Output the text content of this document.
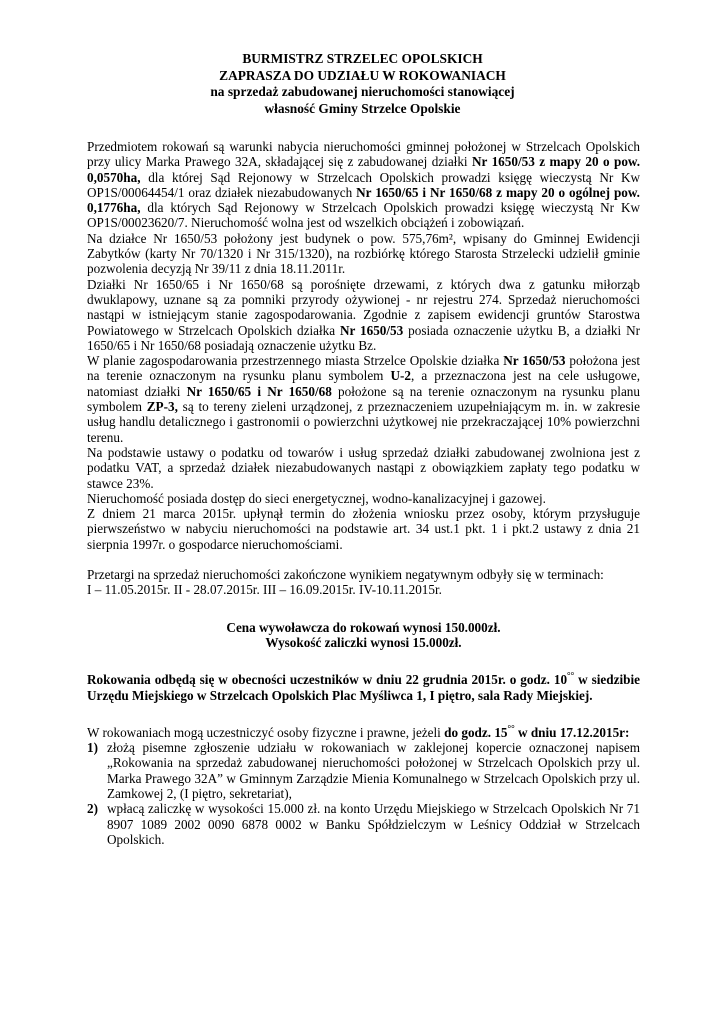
BURMISTRZ STRZELEC OPOLSKICH
ZAPRASZA DO UDZIAŁU W ROKOWANIACH
na sprzedaż zabudowanej nieruchomości stanowiącej
własność Gminy Strzelce Opolskie

Przedmiotem rokowań są warunki nabycia nieruchomości gminnej położonej w Strzelcach Opolskich przy ulicy Marka Prawego 32A, składającej się z zabudowanej działki Nr 1650/53 z mapy 20 o pow. 0,0570ha, dla której Sąd Rejonowy w Strzelcach Opolskich prowadzi księgę wieczystą Nr Kw OP1S/00064454/1 oraz działek niezabudowanych Nr 1650/65 i Nr 1650/68 z mapy 20 o ogólnej pow. 0,1776ha, dla których Sąd Rejonowy w Strzelcach Opolskich prowadzi księgę wieczystą Nr Kw OP1S/00023620/7. Nieruchomość wolna jest od wszelkich obciążeń i zobowiązań.

Na działce Nr 1650/53 położony jest budynek o pow. 575,76m², wpisany do Gminnej Ewidencji Zabytków (karty Nr 70/1320 i Nr 315/1320), na rozbiórkę którego Starosta Strzelecki udzielił gminie pozwolenia decyzją Nr 39/11 z dnia 18.11.2011r.

Działki Nr 1650/65 i Nr 1650/68 są porośnięte drzewami, z których dwa z gatunku miłorząb dwuklapowy, uznane są za pomniki przyrody ożywionej - nr rejestru 274. Sprzedaż nieruchomości nastąpi w istniejącym stanie zagospodarowania. Zgodnie z zapisem ewidencji gruntów Starostwa Powiatowego w Strzelcach Opolskich działka Nr 1650/53 posiada oznaczenie użytku B, a działki Nr 1650/65 i Nr 1650/68 posiadają oznaczenie użytku Bz.

W planie zagospodarowania przestrzennego miasta Strzelce Opolskie działka Nr 1650/53 położona jest na terenie oznaczonym na rysunku planu symbolem U-2, a przeznaczona jest na cele usługowe, natomiast działki Nr 1650/65 i Nr 1650/68 położone są na terenie oznaczonym na rysunku planu symbolem ZP-3, są to tereny zieleni urządzonej, z przeznaczeniem uzupełniającym m. in. w zakresie usług handlu detalicznego i gastronomii o powierzchni użytkowej nie przekraczającej 10% powierzchni terenu.

Na podstawie ustawy o podatku od towarów i usług sprzedaż działki zabudowanej zwolniona jest z podatku VAT, a sprzedaż działek niezabudowanych nastąpi z obowiązkiem zapłaty tego podatku w stawce 23%.

Nieruchomość posiada dostęp do sieci energetycznej, wodno-kanalizacyjnej i gazowej.

Z dniem 21 marca 2015r. upłynął termin do złożenia wniosku przez osoby, którym przysługuje pierwszeństwo w nabyciu nieruchomości na podstawie art. 34 ust.1 pkt. 1 i pkt.2 ustawy z dnia 21 sierpnia 1997r. o gospodarce nieruchomościami.

Przetargi na sprzedaż nieruchomości zakończone wynikiem negatywnym odbyły się w terminach:

I – 11.05.2015r. II - 28.07.2015r. III – 16.09.2015r. IV-10.11.2015r.

Cena wywoławcza do rokowań wynosi 150.000zł.

Wysokość zaliczki wynosi 15.000zł.

Rokowania odbędą się w obecności uczestników w dniu 22 grudnia 2015r. o godz. 10°° w siedzibie Urzędu Miejskiego w Strzelcach Opolskich Plac Myśliwca 1, I piętro, sala Rady Miejskiej.

W rokowaniach mogą uczestniczyć osoby fizyczne i prawne, jeżeli do godz. 15°° w dniu 17.12.2015r:

1) złożą pisemne zgłoszenie udziału w rokowaniach w zaklejonej kopercie oznaczonej napisem „Rokowania na sprzedaż zabudowanej nieruchomości położonej w Strzelcach Opolskich przy ul. Marka Prawego 32A” w Gminnym Zarządzie Mienia Komunalnego w Strzelcach Opolskich przy ul. Zamkowej 2, (I piętro, sekretariat),
2) wpłacą zaliczkę w wysokości 15.000 zł. na konto Urzędu Miejskiego w Strzelcach Opolskich Nr 71 8907 1089 2002 0090 6878 0002 w Banku Spółdzielczym w Leśnicy Oddział w Strzelcach Opolskich.
